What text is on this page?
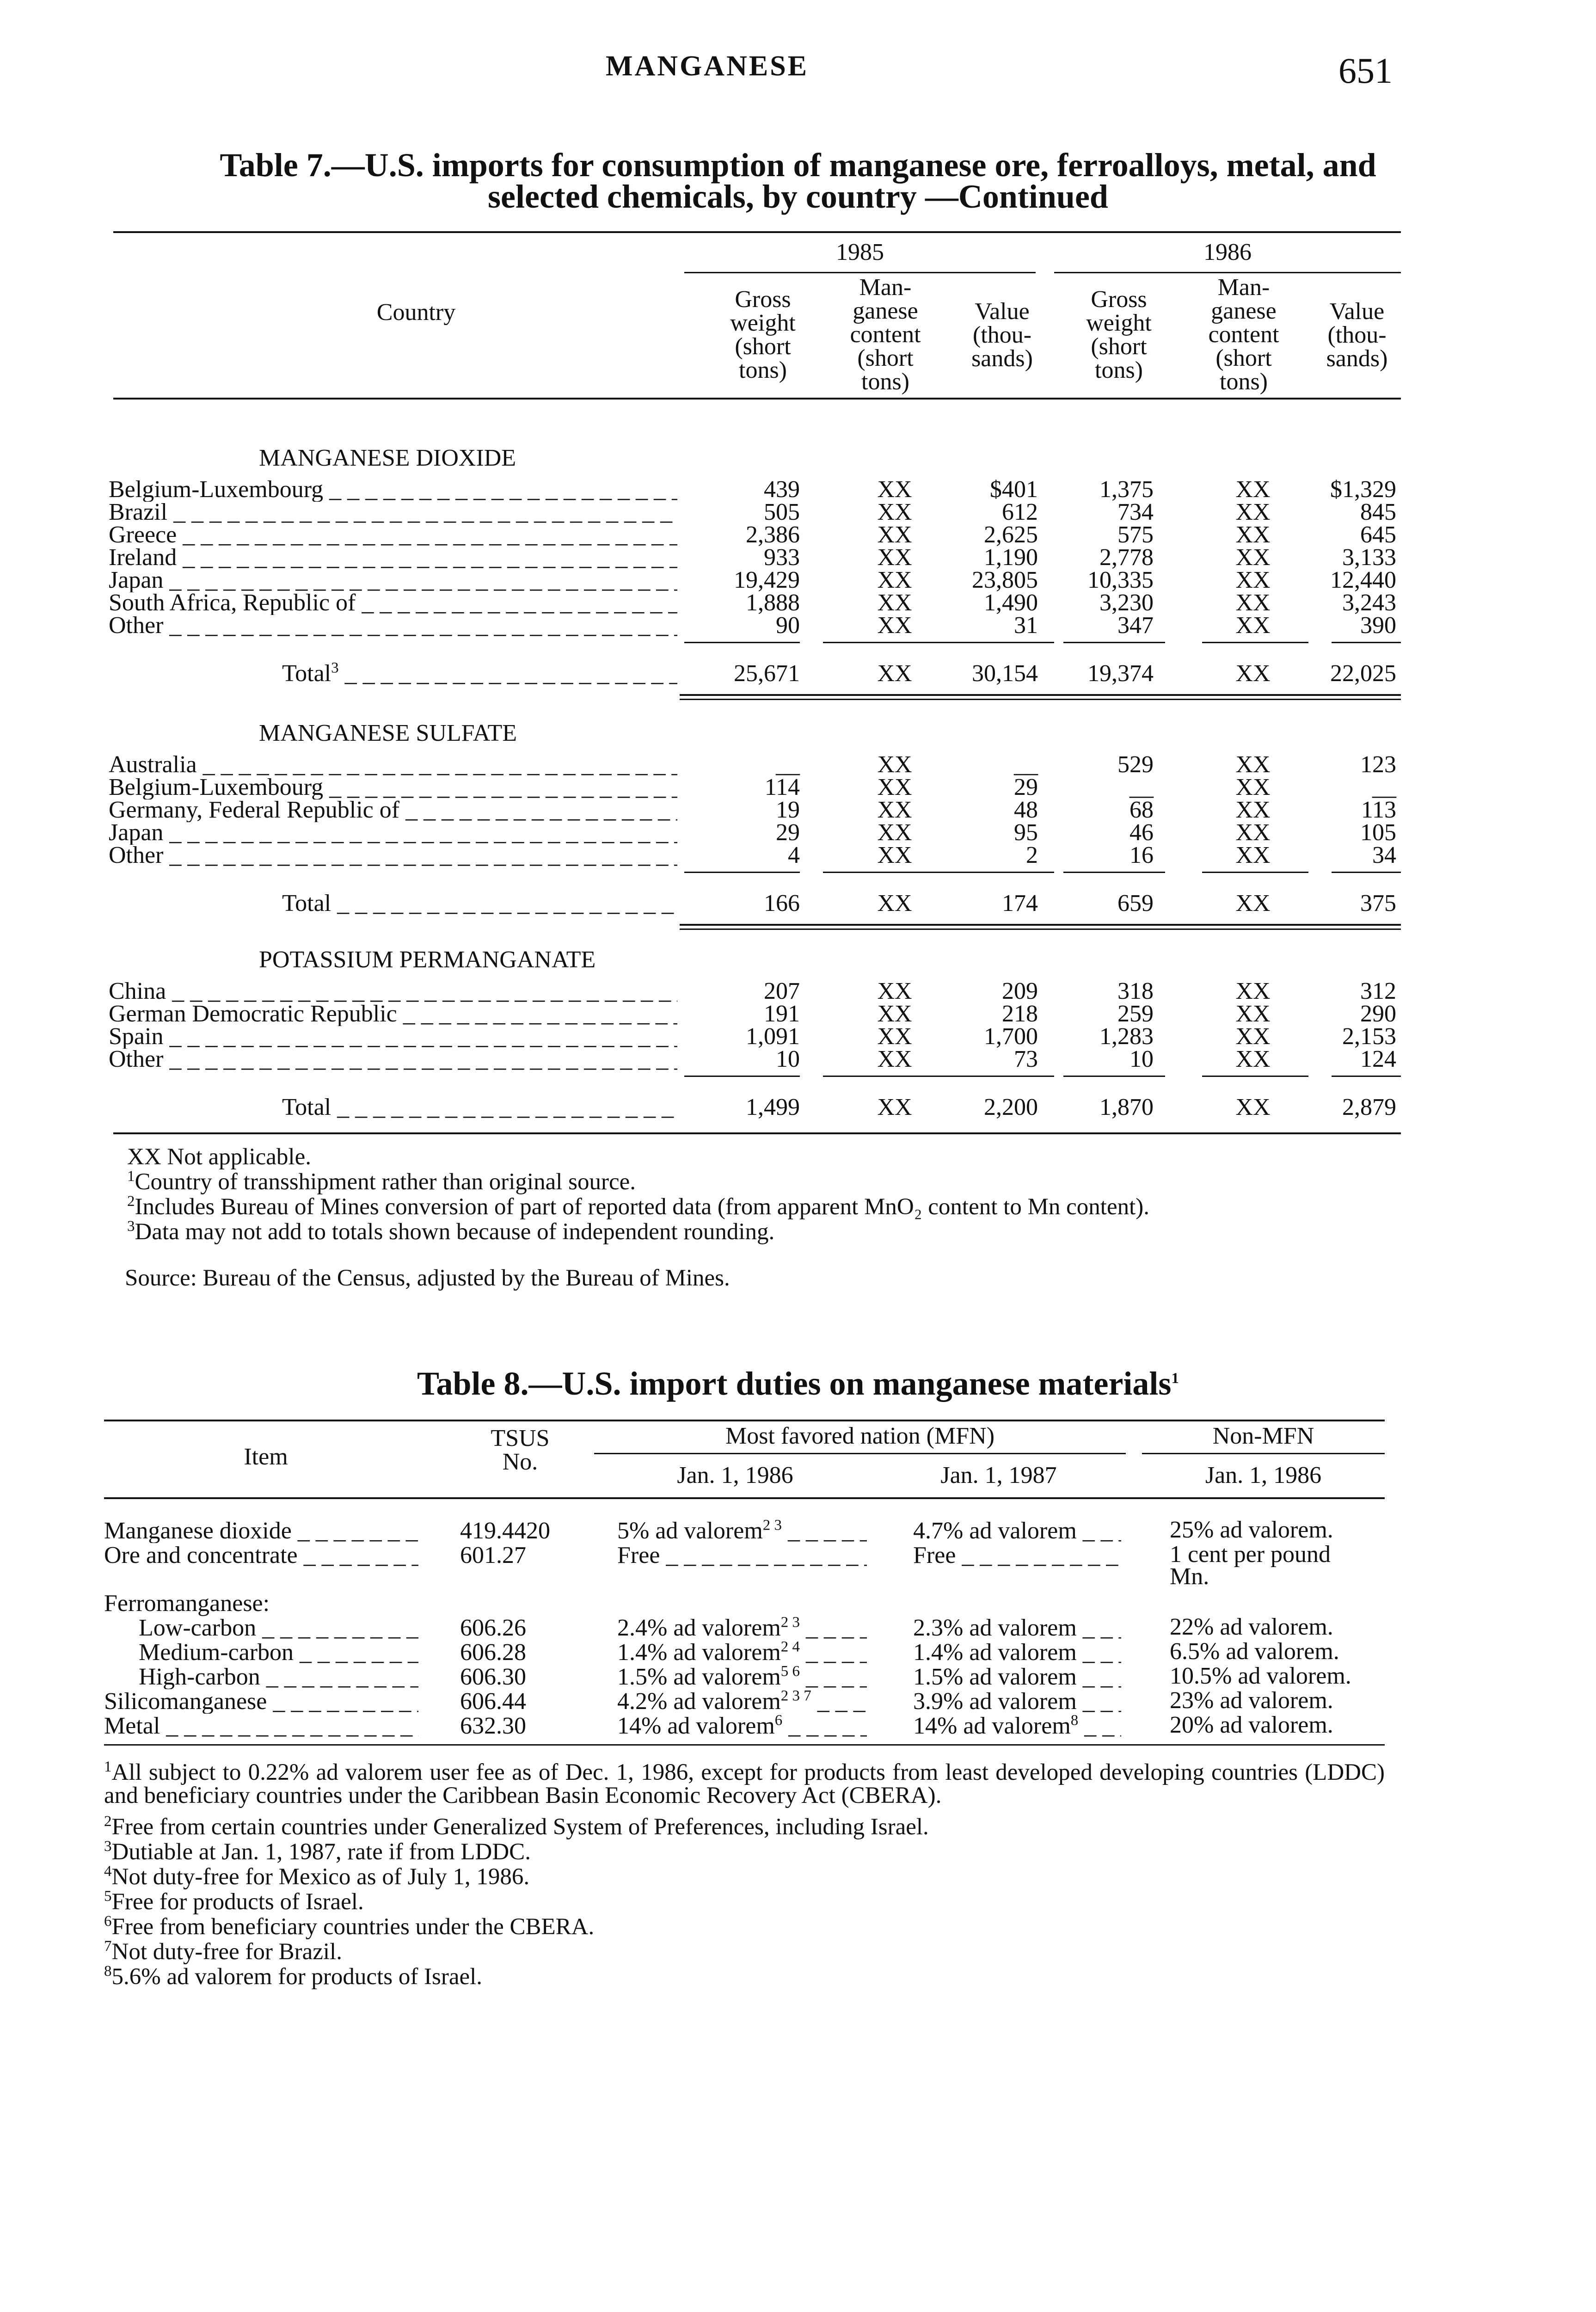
MANGANESE	651
Table 7.—U.S. imports for consumption of manganese ore, ferroalloys, metal, and
selected chemicals, by country —Continued
Country
1985	1986
Gross
weight
(short
tons)
Man-
ganese
content
(short
tons)
Value
(thou-
sands)
Gross
weight
(short
tons)
Man-
ganese
content
(short
tons)
Value
(thou-
sands)
MANGANESE DIOXIDE
Belgium-Luxembourg _ _ _	439	XX	$401	1,375	XX	$1,329
Brazil _ _ _	505	XX	612	734	XX	845
Greece _ _ _	2,386	XX	2,625	575	XX	645
Ireland _ _ _	933	XX	1,190	2,778	XX	3,133
Japan _ _ _	19,429	XX	23,805	10,335	XX	12,440
South Africa, Republic of _ _ _	1,888	XX	1,490	3,230	XX	3,243
Other _ _ _	90	XX	31	347	XX	390
Total$^3$ _ _ _	25,671	XX	30,154	19,374	XX	22,025
MANGANESE SULFATE
Australia _ _ _	__	XX	__	529	XX	123
Belgium-Luxembourg _ _ _	114	XX	29	__	XX	__
Germany, Federal Republic of _ _ _	19	XX	48	68	XX	113
Japan _ _ _	29	XX	95	46	XX	105
Other _ _ _	4	XX	2	16	XX	34
Total _ _ _	166	XX	174	659	XX	375
POTASSIUM PERMANGANATE
China _ _ _	207	XX	209	318	XX	312
German Democratic Republic _ _ _	191	XX	218	259	XX	290
Spain _ _ _	1,091	XX	1,700	1,283	XX	2,153
Other _ _ _	10	XX	73	10	XX	124
Total _ _ _	1,499	XX	2,200	1,870	XX	2,879
XX Not applicable.
$^1$Country of transshipment rather than original source.
$^2$Includes Bureau of Mines conversion of part of reported data (from apparent MnO₂ content to Mn content).
$^3$Data may not add to totals shown because of independent rounding.
Source: Bureau of the Census, adjusted by the Bureau of Mines.
Table 8.—U.S. import duties on manganese materials$^1$
Item
TSUS
No.
Most favored nation (MFN)
Jan. 1, 1986	Jan. 1, 1987
Non-MFN
Jan. 1, 1986
Ferromanganese:
Manganese dioxide _ _ _	419.4420	5% ad valorem$^{2 3}$ _ _ _	4.7% ad valorem _ _ _	25% ad valorem.
Ore and concentrate _ _ _	601.27	Free _ _ _	Free _ _ _	1 cent per pound
Mn.
Low-carbon _ _ _	606.26	2.4% ad valorem$^{2 3}$ _ _ _	2.3% ad valorem _ _ _	22% ad valorem.
Medium-carbon _ _ _	606.28	1.4% ad valorem$^{2 4}$ _ _ _	1.4% ad valorem _ _ _	6.5% ad valorem.
High-carbon _ _ _	606.30	1.5% ad valorem$^{5 6}$ _ _ _	1.5% ad valorem _ _ _	10.5% ad valorem.
Silicomanganese _ _ _	606.44	4.2% ad valorem$^{2 3 7}$ _ _ _	3.9% ad valorem _ _ _	23% ad valorem.
Metal _ _ _	632.30	14% ad valorem$^6$ _ _ _	14% ad valorem$^8$ _ _ _	20% ad valorem.
$^1$All subject to 0.22% ad valorem user fee as of Dec. 1, 1986, except for products from least developed developing countries (LDDC) and beneficiary countries under the Caribbean Basin Economic Recovery Act (CBERA).
$^2$Free from certain countries under Generalized System of Preferences, including Israel.
$^3$Dutiable at Jan. 1, 1987, rate if from LDDC.
$^4$Not duty-free for Mexico as of July 1, 1986.
$^5$Free for products of Israel.
$^6$Free from beneficiary countries under the CBERA.
$^7$Not duty-free for Brazil.
$^8$5.6% ad valorem for products of Israel.
